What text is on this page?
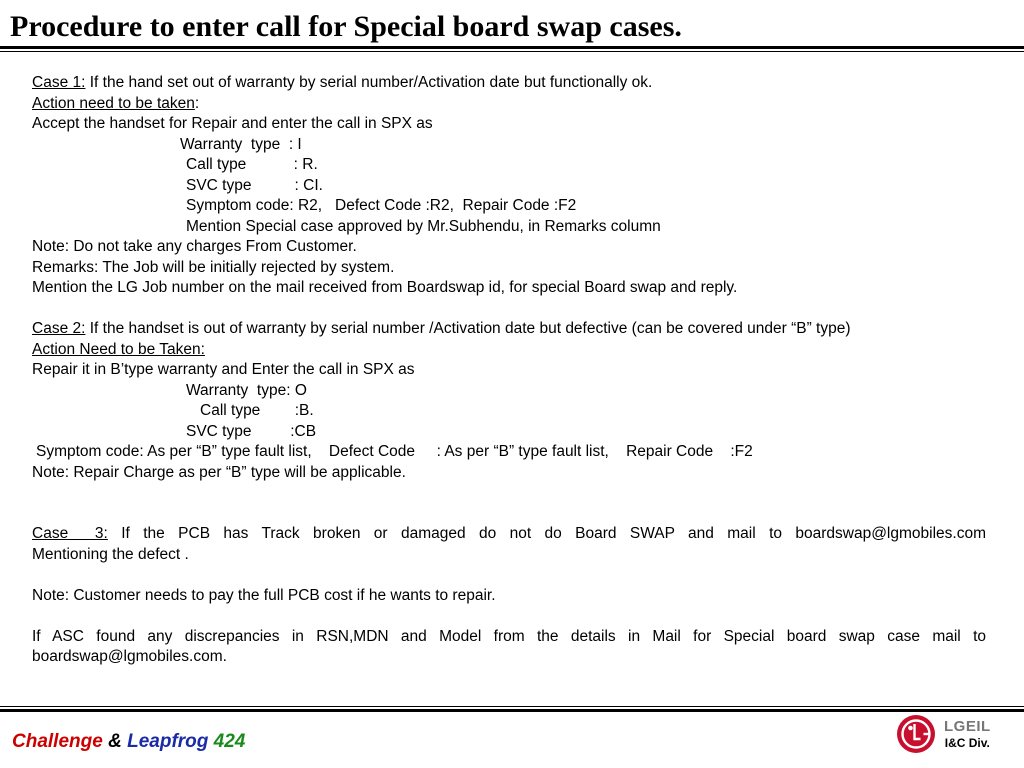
Procedure to enter call for Special board swap cases.
Case 1: If the hand set out of warranty by serial number/Activation date but functionally ok.
Action need to be taken:
Accept the handset for Repair and enter the call in SPX as
Warranty  type  : I
Call type           : R.
SVC type          : CI.
Symptom code: R2,   Defect Code :R2,  Repair Code :F2
Mention Special case approved by Mr.Subhendu, in Remarks column
Note: Do not take any charges From Customer.
Remarks: The Job will be initially rejected by system.
Mention the LG Job number on the mail received from Boardswap id, for special Board swap and reply.
Case 2: If the handset is out of warranty by serial number /Activation date but defective (can be covered under “B” type)
Action Need to be Taken:
Repair it in B’type warranty and Enter the call in SPX as
Warranty  type: O
Call type        :B.
SVC type         :CB
Symptom code: As per “B” type fault list,    Defect Code     : As per “B” type fault list,    Repair Code    :F2
Note: Repair Charge as per “B” type will be applicable.
Case  3: If the PCB has Track broken or damaged do not do Board SWAP and mail to boardswap@lgmobiles.com
Mentioning the defect .
Note: Customer needs to pay the full PCB cost if he wants to repair.
If ASC found any discrepancies in RSN,MDN and Model from the details in Mail for Special board swap case mail to boardswap@lgmobiles.com.
Challenge & Leapfrog 424
LGEIL
I&C Div.
